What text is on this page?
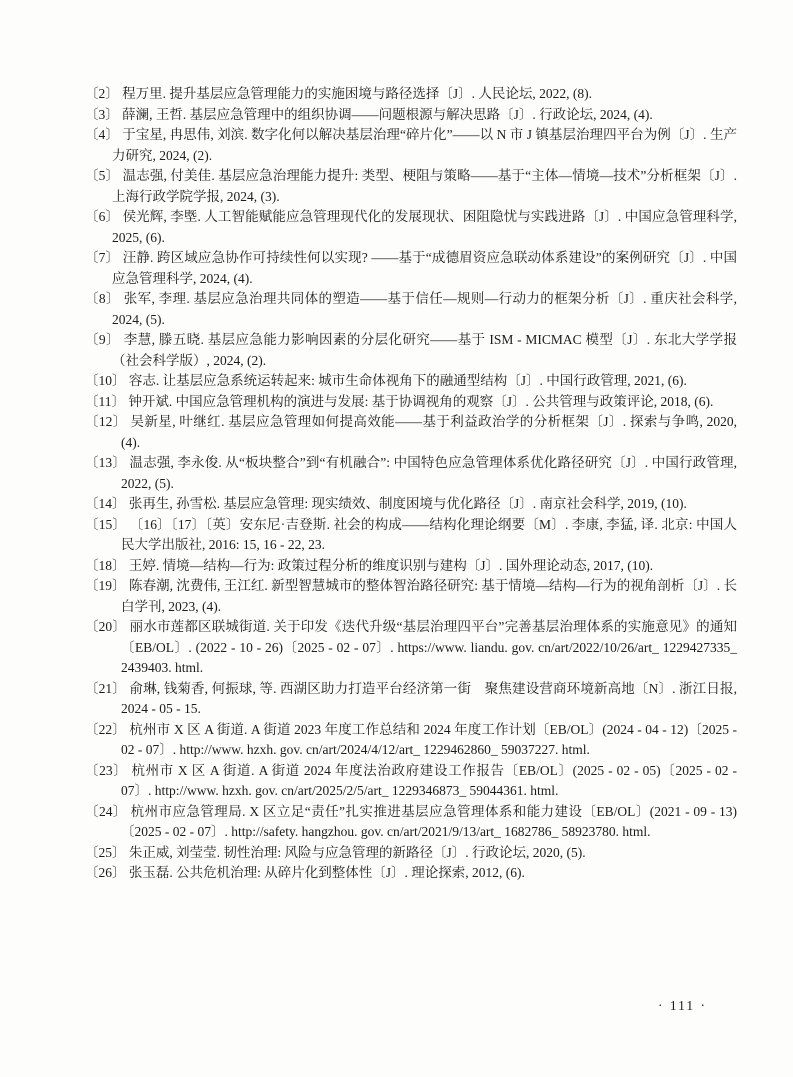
〔2〕 程万里. 提升基层应急管理能力的实施困境与路径选择〔J〕. 人民论坛, 2022, (8).

〔3〕 薛澜, 王哲. 基层应急管理中的组织协调——问题根源与解决思路〔J〕. 行政论坛, 2024, (4).

〔4〕 于宝星, 冉思伟, 刘滨. 数字化何以解决基层治理“碎片化”——以 N 市 J 镇基层治理四平台为例〔J〕. 生产力研究, 2024, (2).

〔5〕 温志强, 付美佳. 基层应急治理能力提升: 类型、梗阻与策略——基于“主体—情境—技术”分析框架〔J〕. 上海行政学院学报, 2024, (3).

〔6〕 侯光辉, 李塈. 人工智能赋能应急管理现代化的发展现状、困阻隐忧与实践进路〔J〕. 中国应急管理科学, 2025, (6).

〔7〕 汪静. 跨区域应急协作可持续性何以实现? ——基于“成德眉资应急联动体系建设”的案例研究〔J〕. 中国应急管理科学, 2024, (4).

〔8〕 张军, 李理. 基层应急治理共同体的塑造——基于信任—规则—行动力的框架分析〔J〕. 重庆社会科学, 2024, (5).

〔9〕 李慧, 滕五晓. 基层应急能力影响因素的分层化研究——基于 ISM - MICMAC 模型〔J〕. 东北大学学报（社会科学版）, 2024, (2).

〔10〕 容志. 让基层应急系统运转起来: 城市生命体视角下的融通型结构〔J〕. 中国行政管理, 2021, (6).

〔11〕 钟开斌. 中国应急管理机构的演进与发展: 基于协调视角的观察〔J〕. 公共管理与政策评论, 2018, (6).

〔12〕 吴新星, 叶继红. 基层应急管理如何提高效能——基于利益政治学的分析框架〔J〕. 探索与争鸣, 2020, (4).

〔13〕 温志强, 李永俊. 从“板块整合”到“有机融合”: 中国特色应急管理体系优化路径研究〔J〕. 中国行政管理, 2022, (5).

〔14〕 张再生, 孙雪松. 基层应急管理: 现实绩效、制度困境与优化路径〔J〕. 南京社会科学, 2019, (10).

〔15〕 〔16〕〔17〕〔英〕安东尼·吉登斯. 社会的构成——结构化理论纲要〔M〕. 李康, 李猛, 译. 北京: 中国人民大学出版社, 2016: 15, 16 - 22, 23.

〔18〕 王婷. 情境—结构—行为: 政策过程分析的维度识别与建构〔J〕. 国外理论动态, 2017, (10).

〔19〕 陈春潮, 沈费伟, 王江红. 新型智慧城市的整体智治路径研究: 基于情境—结构—行为的视角剖析〔J〕. 长白学刊, 2023, (4).

〔20〕 丽水市莲都区联城街道. 关于印发《迭代升级“基层治理四平台”完善基层治理体系的实施意见》的通知〔EB/OL〕. (2022 - 10 - 26)〔2025 - 02 - 07〕. https://www. liandu. gov. cn/art/2022/10/26/art_ 1229427335_ 2439403. html.

〔21〕 俞琳, 钱菊香, 何振球, 等. 西湖区助力打造平台经济第一街　聚焦建设营商环境新高地〔N〕. 浙江日报, 2024 - 05 - 15.

〔22〕 杭州市 X 区 A 街道. A 街道 2023 年度工作总结和 2024 年度工作计划〔EB/OL〕(2024 - 04 - 12)〔2025 - 02 - 07〕. http://www. hzxh. gov. cn/art/2024/4/12/art_ 1229462860_ 59037227. html.

〔23〕 杭州市 X 区 A 街道. A 街道 2024 年度法治政府建设工作报告〔EB/OL〕(2025 - 02 - 05)〔2025 - 02 - 07〕. http://www. hzxh. gov. cn/art/2025/2/5/art_ 1229346873_ 59044361. html.

〔24〕 杭州市应急管理局. X 区立足“责任”扎实推进基层应急管理体系和能力建设〔EB/OL〕(2021 - 09 - 13)〔2025 - 02 - 07〕. http://safety. hangzhou. gov. cn/art/2021/9/13/art_ 1682786_ 58923780. html.

〔25〕 朱正威, 刘莹莹. 韧性治理: 风险与应急管理的新路径〔J〕. 行政论坛, 2020, (5).

〔26〕 张玉磊. 公共危机治理: 从碎片化到整体性〔J〕. 理论探索, 2012, (6).

· 111 ·
